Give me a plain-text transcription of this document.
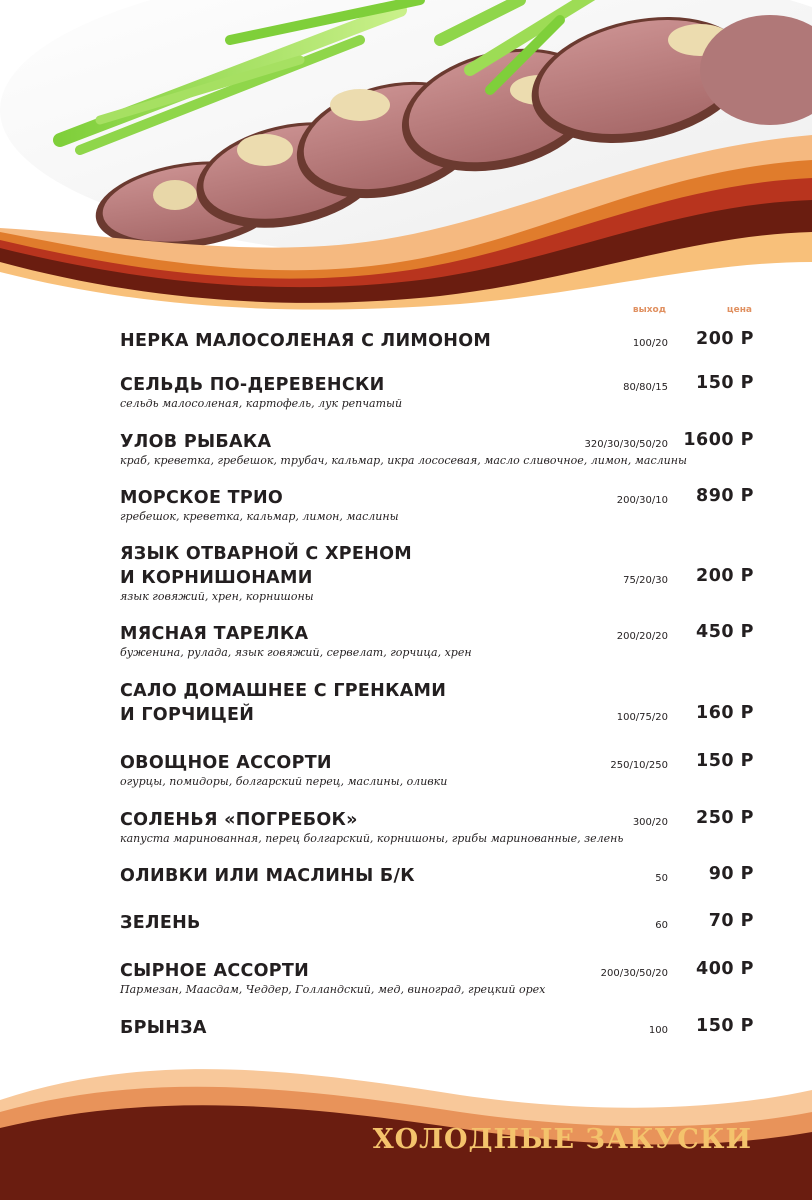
выход	цена
НЕРКА МАЛОСОЛЕНАЯ С ЛИМОНОМ	100/20 200 Р
СЕЛЬДЬ ПО-ДЕРЕВЕНСКИ	80/80/15 150 Р
сельдь малосоленая, картофель, лук репчатый
УЛОВ РЫБАКА	320/30/30/50/20 1600 Р
краб, креветка, гребешок, трубач, кальмар, икра лососевая, масло сливочное, лимон, маслины
МОРСКОЕ ТРИО	200/30/10 890 Р
гребешок, креветка, кальмар, лимон, маслины
ЯЗЫК ОТВАРНОЙ С ХРЕНОМ
И КОРНИШОНАМИ	75/20/30 200 Р
язык говяжий, хрен, корнишоны
МЯСНАЯ ТАРЕЛКА	200/20/20 450 Р
буженина, рулада, язык говяжий, сервелат, горчица, хрен
САЛО ДОМАШНЕЕ С ГРЕНКАМИ
И ГОРЧИЦЕЙ	100/75/20 160 Р
ОВОЩНОЕ АССОРТИ	250/10/250 150 Р
огурцы, помидоры, болгарский перец, маслины, оливки
СОЛЕНЬЯ «ПОГРЕБОК»	300/20 250 Р
капуста маринованная, перец болгарский, корнишоны, грибы маринованные, зелень
ОЛИВКИ ИЛИ МАСЛИНЫ Б/К	50 90 Р
ЗЕЛЕНЬ	60 70 Р
СЫРНОЕ АССОРТИ	200/30/50/20 400 Р
Пармезан, Маасдам, Чеддер, Голландский, мед, виноград, грецкий орех
БРЫНЗА	100 150 Р
ХОЛОДНЫЕ ЗАКУСКИ
